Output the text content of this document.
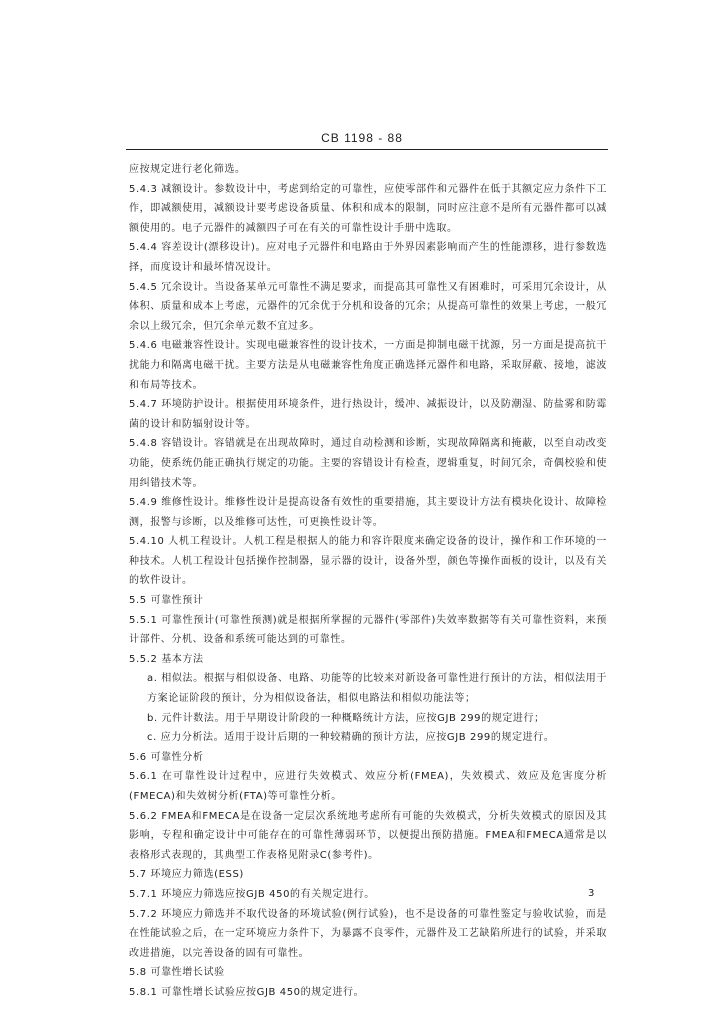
CB 1198 - 88

应按规定进行老化筛选。

5.4.3 减额设计。参数设计中，考虑到给定的可靠性，应使零部件和元器件在低于其额定应力条件下工作，即减额使用，减额设计要考虑设备质量、体积和成本的限制，同时应注意不是所有元器件都可以减额使用的。电子元器件的减额四子可在有关的可靠性设计手册中选取。

5.4.4 容差设计(漂移设计)。应对电子元器件和电路由于外界因素影响而产生的性能漂移，进行参数选择，而度设计和最坏情况设计。

5.4.5 冗余设计。当设备某单元可靠性不满足要求，而提高其可靠性又有困难时，可采用冗余设计，从体积、质量和成本上考虑，元器件的冗余优于分机和设备的冗余；从提高可靠性的效果上考虑，一般冗余以上级冗余，但冗余单元数不宜过多。

5.4.6 电磁兼容性设计。实现电磁兼容性的设计技术，一方面是抑制电磁干扰源，另一方面是提高抗干扰能力和隔离电磁干扰。主要方法是从电磁兼容性角度正确选择元器件和电路，采取屏蔽、接地，滤波和布局等技术。

5.4.7 环境防护设计。根据使用环境条件，进行热设计，缓冲、减振设计，以及防潮湿、防盐雾和防霉菌的设计和防辐射设计等。

5.4.8 容错设计。容错就是在出现故障时，通过自动检测和诊断，实现故障隔离和掩蔽，以至自动改变功能，使系统仍能正确执行规定的功能。主要的容错设计有检查，逻辑重复，时间冗余，奇偶校验和使用纠错技术等。

5.4.9 维修性设计。维修性设计是提高设备有效性的重要措施，其主要设计方法有模块化设计、故障检测，报警与诊断，以及维修可达性，可更换性设计等。

5.4.10 人机工程设计。人机工程是根据人的能力和容许限度来确定设备的设计，操作和工作环境的一种技术。人机工程设计包括操作控制器，显示器的设计，设备外型，颜色等操作面板的设计，以及有关的软件设计。

5.5 可靠性预计

5.5.1 可靠性预计(可靠性预测)就是根据所掌握的元器件(零部件)失效率数据等有关可靠性资料，来预计部件、分机、设备和系统可能达到的可靠性。

5.5.2 基本方法

a. 相似法。根据与相似设备、电路、功能等的比较来对新设备可靠性进行预计的方法，相似法用于方案论证阶段的预计，分为相似设备法，相似电路法和相似功能法等；

b. 元件计数法。用于早期设计阶段的一种概略统计方法，应按GJB 299的规定进行；

c. 应力分析法。适用于设计后期的一种较精确的预计方法，应按GJB 299的规定进行。

5.6 可靠性分析

5.6.1 在可靠性设计过程中，应进行失效模式、效应分析(FMEA)，失效模式、效应及危害度分析(FMECA)和失效树分析(FTA)等可靠性分析。

5.6.2 FMEA和FMECA是在设备一定层次系统地考虑所有可能的失效模式，分析失效模式的原因及其影响，专程和确定设计中可能存在的可靠性薄弱环节，以便提出预防措施。FMEA和FMECA通常是以表格形式表现的，其典型工作表格见附录C(参考件)。

5.7 环境应力筛选(ESS)

5.7.1 环境应力筛选应按GJB 450的有关规定进行。

5.7.2 环境应力筛选并不取代设备的环境试验(例行试验)，也不是设备的可靠性鉴定与验收试验，而是在性能试验之后，在一定环境应力条件下，为暴露不良零件，元器件及工艺缺陷所进行的试验，并采取改进措施，以完善设备的固有可靠性。

5.8 可靠性增长试验

5.8.1 可靠性增长试验应按GJB 450的规定进行。

3
